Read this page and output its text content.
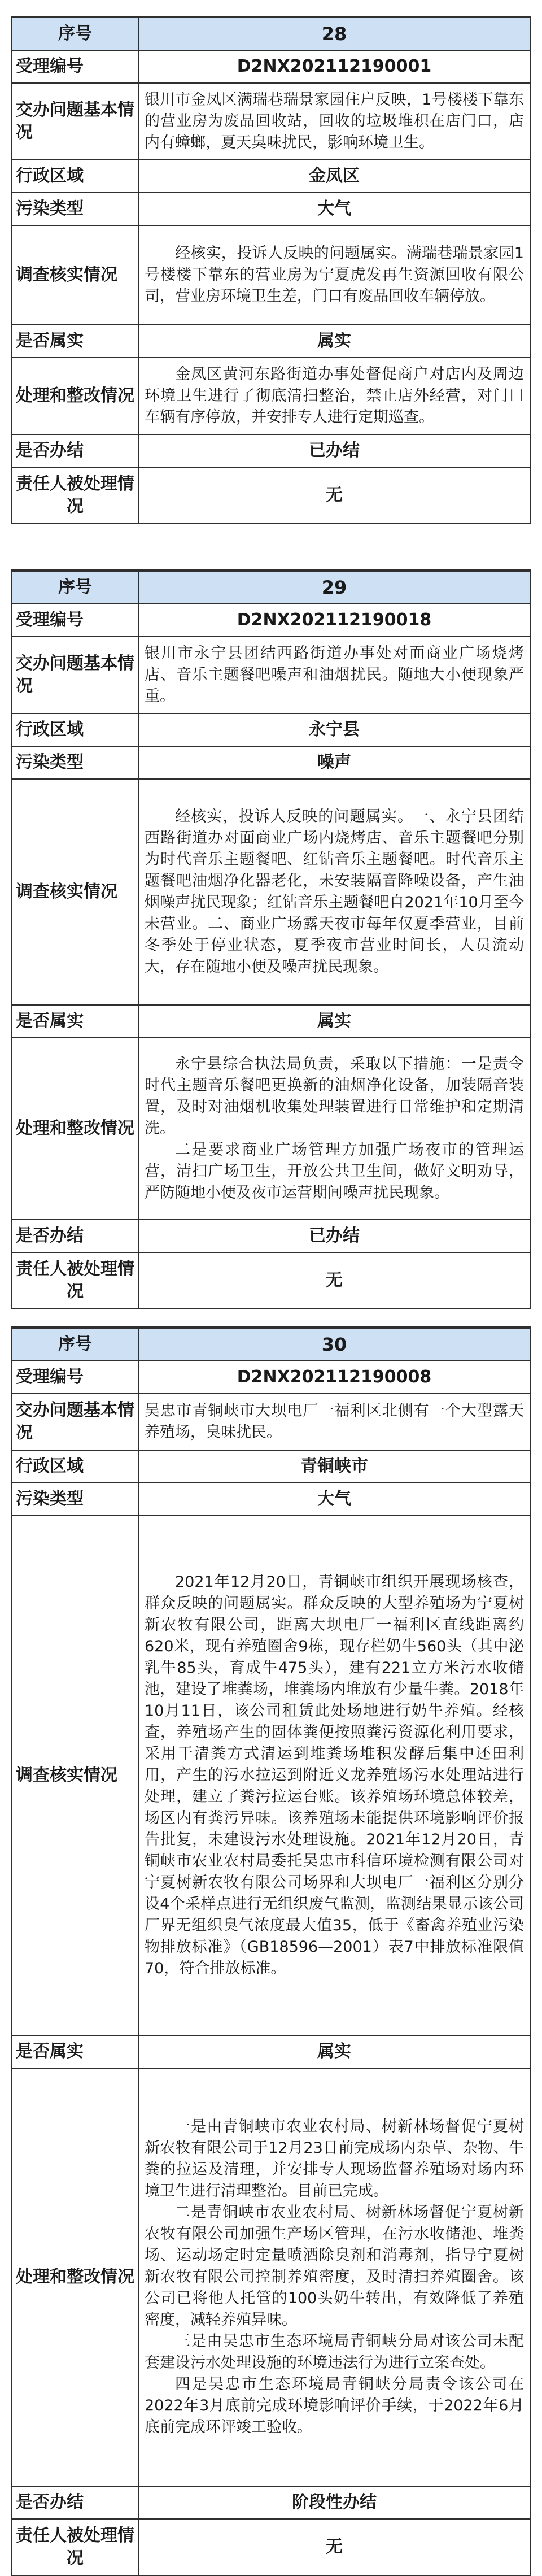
序号	28
受理编号	D2NX20211219000​1
交办问题基本情况	银川市金凤区满瑞巷瑞景家园住户反映，1号楼楼下靠东的营业房为废品回收站，回收的垃圾堆积在店门口，店内有蟑螂，夏天臭味扰民，影响环境卫生。
行政区域	金凤区
污染类型	大气
调查核实情况	经核实，投诉人反映的问题属实。满瑞巷瑞景家园1号楼楼下靠东的营业房为宁夏虎发再生资源回收有限公司，营业房环境卫生差，门口有废品回收车辆停放。

是否属实	属实
处理和整改情况	金凤区黄河东路街道办事处督促商户对店内及周边环境卫生进行了彻底清扫整治，禁止店外经营，对门口车辆有序停放，并安排专人进行定期巡查。

是否办结	已办结
责任人被处理情况	无
序号	29
受理编号	D2NX20211219001​8
交办问题基本情况	银川市永宁县团结西路街道办事处对面商业广场烧烤店、音乐主题餐吧噪声和油烟扰民。随地大小便现象严重。
行政区域	永宁县
污染类型	噪声
调查核实情况	经核实，投诉人反映的问题属实。一、永宁县团结西路街道办对面商业广场内烧烤店、音乐主题餐吧分别为时代音乐主题餐吧、红钻音乐主题餐吧。时代音乐主题餐吧油烟净化器老化，未安装隔音降噪设备，产生油烟噪声扰民现象；红钻音乐主题餐吧自2021年10月至今未营业。二、商业广场露天夜市每年仅夏季营业，目前冬季处于停业状态，夏季夜市营业时间长，人员流动大，存在随地小便及噪声扰民现象。

是否属实	属实
处理和整改情况	永宁县综合执法局负责，采取以下措施：一是责令时代主题音乐餐吧更换新的油烟净化设备，加装隔音装置，及时对油烟机收集处理装置进行日常维护和定期清洗。

二是要求商业广场管理方加强广场夜市的管理运营，清扫广场卫生，开放公共卫生间，做好文明劝导，严防随地小便及夜市运营期间噪声扰民现象。

是否办结	已办结
责任人被处理情况	无
序号	30
受理编号	D2NX20211219000​8
交办问题基本情况	吴忠市青铜峡市大坝电厂一福利区北侧有一个大型露天养殖场，臭味扰民。
行政区域	青铜峡市
污染类型	大气
调查核实情况	2021年12月20日，青铜峡市组织开展现场核查，群众反映的问题属实。群众反映的大型养殖场为宁夏树新农牧有限公司，距离大坝电厂一福利区直线距离约620米，现有养殖圈舍9栋，现存栏奶牛560头（其中泌乳牛85头，育成牛475头），建有221立方米污水收储池，建设了堆粪场，堆粪场内堆放有少量牛粪。2018年10月11日，该公司租赁此处场地进行奶牛养殖。经核查，养殖场产生的固体粪便按照粪污资源化利用要求，采用干清粪方式清运到堆粪场堆积发酵后集中还田利用，产生的污水拉运到附近义龙养殖场污水处理站进行处理，建立了粪污拉运台账。该养殖场环境总体较差，场区内有粪污异味。该养殖场未能提供环境影响评价报告批复，未建设污水处理设施。2021年12月20日，青铜峡市农业农村局委托吴忠市科信环境检测有限公司对宁夏树新农牧有限公司场界和大坝电厂一福利区分别分设4个采样点进行无组织废气监测，监测结果显示该公司厂界无组织臭气浓度最大值35，低于《畜禽养殖业污染物排放标准》（GB18596—2001）表7中排放标准限值70，符合排放标准。

是否属实	属实
处理和整改情况	一是由青铜峡市农业农村局、树新林场督促宁夏树新农牧有限公司于12月23日前完成场内杂草、杂物、牛粪的拉运及清理，并安排专人现场监督养殖场对场内环境卫生进行清理整治。目前已完成。

二是青铜峡市农业农村局、树新林场督促宁夏树新农牧有限公司加强生产场区管理，在污水收储池、堆粪场、运动场定时定量喷洒除臭剂和消毒剂，指导宁夏树新农牧有限公司控制养殖密度，及时清扫养殖圈舍。该公司已将他人托管的100头奶牛转出，有效降低了养殖密度，减轻养殖异味。

三是由吴忠市生态环境局青铜峡分局对该公司未配套建设污水处理设施的环境违法行为进行立案查处。

四是吴忠市生态环境局青铜峡分局责令该公司在2022年3月底前完成环境影响评价手续，于2022年6月底前完成环评竣工验收。

是否办结	阶段性办结
责任人被处理情况	无
